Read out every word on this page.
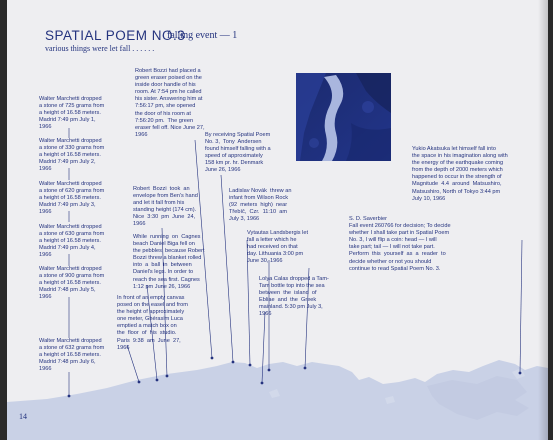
SPATIAL POEM NO.3
falling event — 1
various things were let fall . . . . . .
Walter Marchetti dropped
a stone of 725 grams from
a height of 16.58 meters.
Madrid 7:49 pm July 1,
1966
Walter Marchetti dropped
a stone of 330 grams from
a height of 16.58 meters.
Madrid 7:49 pm July 2,
1966
Walter Marchetti dropped
a stone of 620 grams from
a height of 16.58 meters.
Madrid 7:49 pm July 3,
1966
Walter Marchetti dropped
a stone of 630 grams from
a height of 16.58 meters.
Madrid 7:49 pm July 4,
1966
Walter Marchetti dropped
a stone of 900 grams from
a height of 16.58 meters.
Madrid 7:48 pm July 5,
1966
Walter Marchetti dropped
a stone of 632 grams from
a height of 16.58 meters.
Madrid 7:48 pm July 6,
1966
Robert Bozzi had placed a
green eraser poised on the
inside door handle of his
room. At 7:54 pm he called
his sister. Answering him at
7:56:17 pm, she opened
the door of his room at
7:56:20 pm.  The green
eraser fell off. Nice June 27,
1966	By receiving Spatial Poem
No. 3,  Tony  Andersen
found himself falling with a
speed of approximately
158 km pr. hr. Denmark
June 26, 1966
Robert  Bozzi  took  an
envelope from Ben's hand
and let it fall from his
standing height (174 cm).
Nice  3:30  pm  June  24,
1966
While  running  on  Cagnes
beach Daniel Biga fell on
the pebbles, because Robert
Bozzi threw a blanket rolled
into  a  ball  in  between
Daniel's legs. In order to
reach the sea first. Cagnes
1:12 pm June 26, 1966
In front of an empty canvas
posed on the easel and from
the height of approximately
one meter, Ghérasim Luca
emptied a match box on
the  floor  of  his  studio.
Paris  9:38  am  June  27,
1966
Ladislav Novák  threw an
infant from Wilson Rock
(92  meters  high)  near
Třebíč,  Czr.  11:10  am
July 3, 1966
Vytautas Landsbergis let
fall a letter which he
had received on that
day. Lithuania 3:00 pm
June 30, 1966
Lolya Calas dropped a Tam-
Tam bottle top into the sea
between  the  island  of
Ebliae  and  the  Greek
mainland. 5:30 pm July 3,
1966
S. D. Saverbier
Fall event 260766 for decision; To decide
whether I shall take part in Spatial Poem
No. 3, I will flip a coin: head — I will
take part; tail — I will not take part.
Perform  this  yourself  as  a  reader  to
decide whether or not you should
continue to read Spatial Poem No. 3.
Yukio Akatsuka let himself fall into
the space in his imagination along with
the energy of the earthquake coming
from the depth of 2000 meters which
happened to occur in the strength of
Magnitude  4.4  around  Matsushiro,
Matsushiro, North of Tokyo 3:44 pm
July 10, 1966
14
